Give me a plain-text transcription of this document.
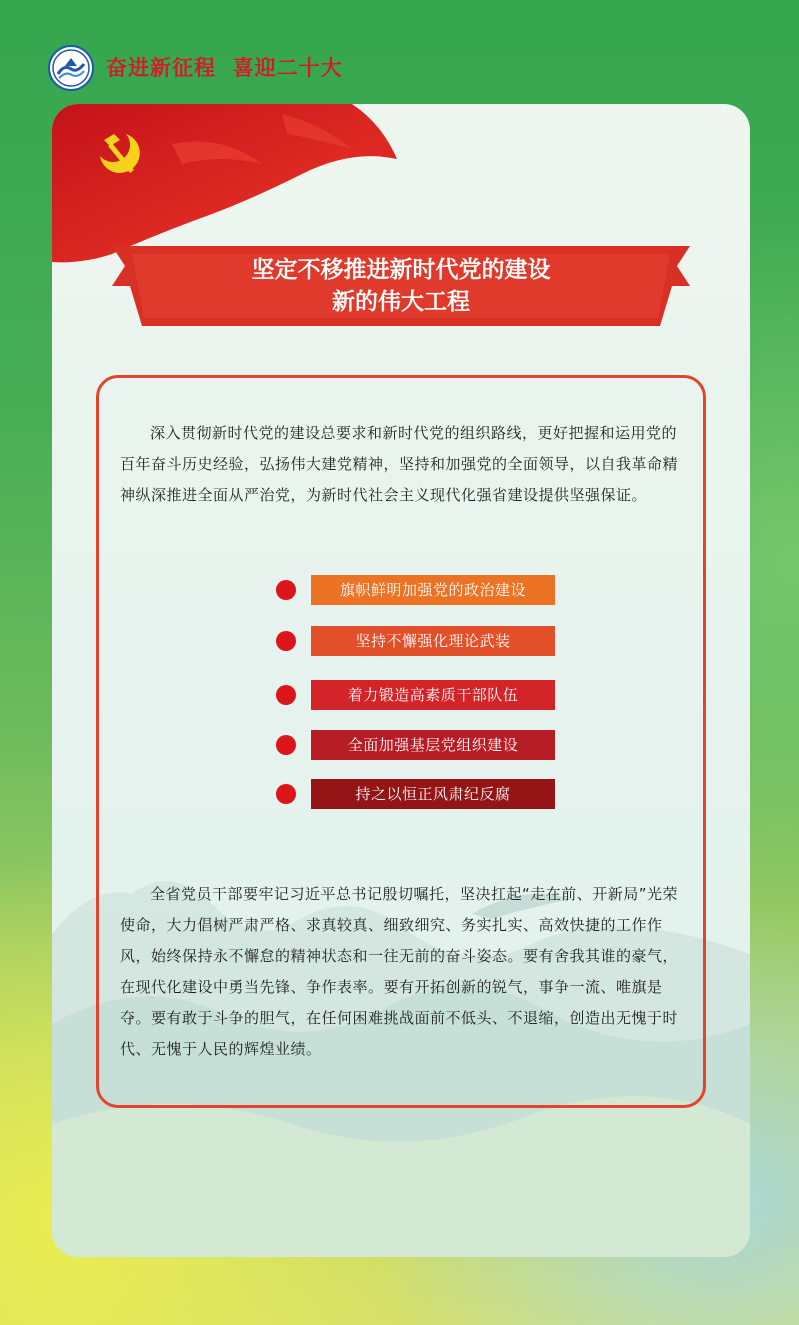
奋进新征程  喜迎二十大
坚定不移推进新时代党的建设
新的伟大工程

深入贯彻新时代党的建设总要求和新时代党的组织路线，更好把握和运用党的百年奋斗历史经验，弘扬伟大建党精神，坚持和加强党的全面领导，以自我革命精神纵深推进全面从严治党，为新时代社会主义现代化强省建设提供坚强保证。

旗帜鲜明加强党的政治建设
坚持不懈强化理论武装
着力锻造高素质干部队伍
全面加强基层党组织建设
持之以恒正风肃纪反腐

全省党员干部要牢记习近平总书记殷切嘱托，坚决扛起“走在前、开新局”光荣使命，大力倡树严肃严格、求真较真、细致细究、务实扎实、高效快捷的工作作风，始终保持永不懈怠的精神状态和一往无前的奋斗姿态。要有舍我其谁的豪气，在现代化建设中勇当先锋、争作表率。要有开拓创新的锐气，事争一流、唯旗是夺。要有敢于斗争的胆气，在任何困难挑战面前不低头、不退缩，创造出无愧于时代、无愧于人民的辉煌业绩。
